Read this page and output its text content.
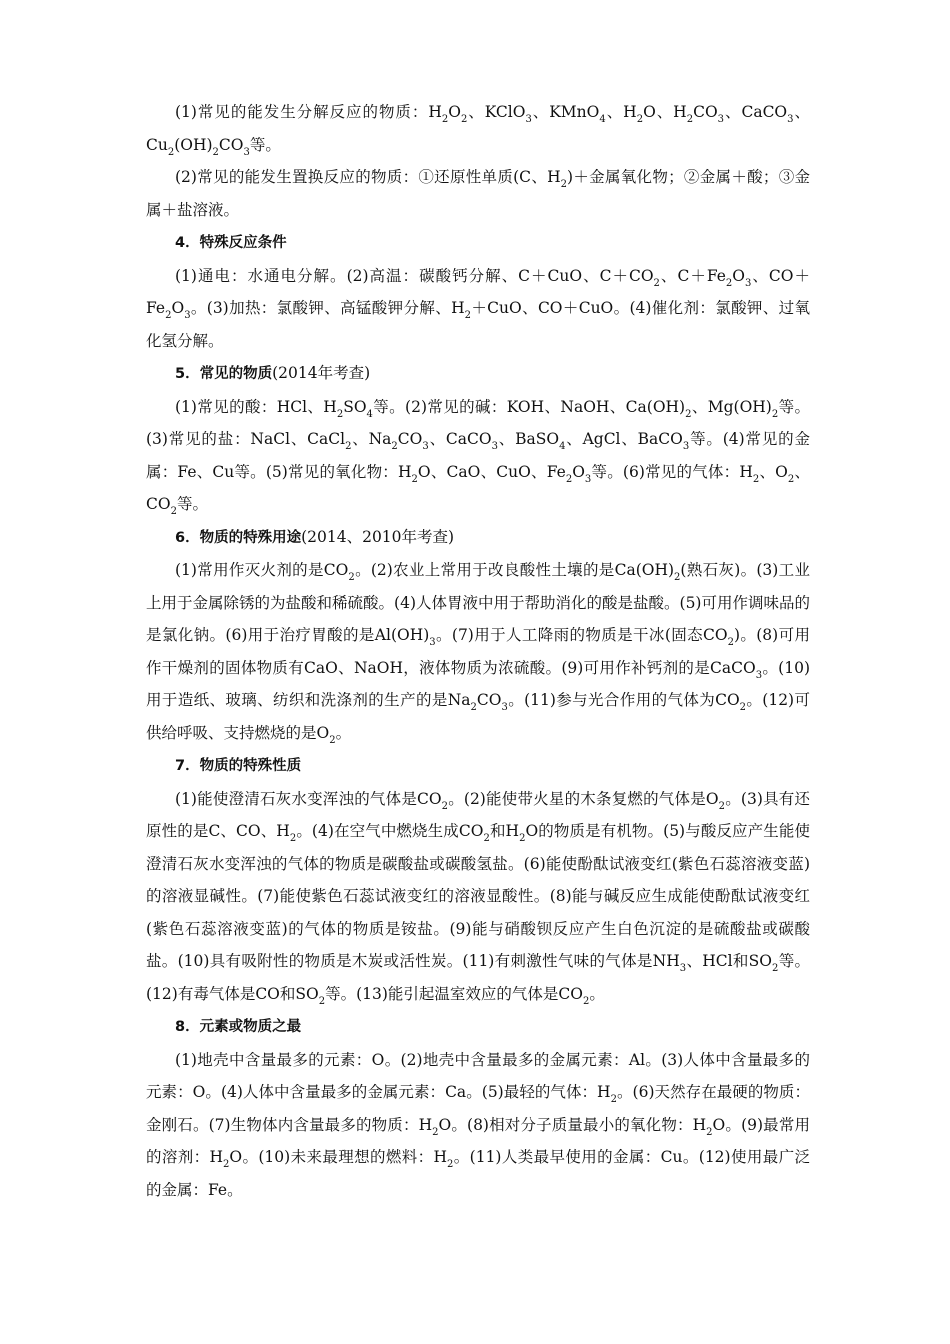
(1)常见的能发生分解反应的物质：$H_2O_2$、KClO$_3$、KMnO$_4$、$H_2O$、$H_2CO_3$、CaCO$_3$、$Cu_2(OH)_2CO_3$等。

(2)常见的能发生置换反应的物质：①还原性单质(C、$H_2)+$金属氧化物；②金属＋酸；③金属＋盐溶液。

4．特殊反应条件

(1)通电：水通电分解。(2)高温：碳酸钙分解、C＋CuO、$C+CO_2$、$C+Fe_2O_3$、$CO+Fe_2O_3$。(3)加热：氯酸钾、高锰酸钾分解、$H_2+CuO$、CO＋CuO。(4)催化剂：氯酸钾、过氧化氢分解。

5．常见的物质(2014年考查)

(1)常见的酸：HCl、$H_2SO_4$等。(2)常见的碱：KOH、NaOH、$Ca(OH)_2$、$Mg(OH)_2$等。(3)常见的盐：NaCl、CaCl$_2$、$Na_2CO_3$、CaCO$_3$、BaSO$_4$、AgCl、BaCO$_3$等。(4)常见的金属：Fe、Cu等。(5)常见的氧化物：$H_2O$、CaO、CuO、$Fe_2O_3$等。(6)常见的气体：$H_2$、$O_2$、$CO_2$等。

6．物质的特殊用途(2014、2010年考查)

(1)常用作灭火剂的是$CO_2$。(2)农业上常用于改良酸性土壤的是$Ca(OH)_2$(熟石灰)。(3)工业上用于金属除锈的为盐酸和稀硫酸。(4)人体胃液中用于帮助消化的酸是盐酸。(5)可用作调味品的是氯化钠。(6)用于治疗胃酸的是$Al(OH)_3$。(7)用于人工降雨的物质是干冰(固态$CO_2$)。(8)可用作干燥剂的固体物质有CaO、NaOH，液体物质为浓硫酸。(9)可用作补钙剂的是CaCO$_3$。(10)用于造纸、玻璃、纺织和洗涤剂的生产的是$Na_2CO_3$。(11)参与光合作用的气体为$CO_2$。(12)可供给呼吸、支持燃烧的是$O_2$。

7．物质的特殊性质

(1)能使澄清石灰水变浑浊的气体是$CO_2$。(2)能使带火星的木条复燃的气体是$O_2$。(3)具有还原性的是C、CO、$H_2$。(4)在空气中燃烧生成$CO_2$和$H_2O$的物质是有机物。(5)与酸反应产生能使澄清石灰水变浑浊的气体的物质是碳酸盐或碳酸氢盐。(6)能使酚酞试液变红(紫色石蕊溶液变蓝)的溶液显碱性。(7)能使紫色石蕊试液变红的溶液显酸性。(8)能与碱反应生成能使酚酞试液变红(紫色石蕊溶液变蓝)的气体的物质是铵盐。(9)能与硝酸钡反应产生白色沉淀的是硫酸盐或碳酸盐。(10)具有吸附性的物质是木炭或活性炭。(11)有刺激性气味的气体是$NH_3$、HCl和$SO_2$等。(12)有毒气体是CO和$SO_2$等。(13)能引起温室效应的气体是$CO_2$。

8．元素或物质之最

(1)地壳中含量最多的元素：O。(2)地壳中含量最多的金属元素：Al。(3)人体中含量最多的元素：O。(4)人体中含量最多的金属元素：Ca。(5)最轻的气体：$H_2$。(6)天然存在最硬的物质：金刚石。(7)生物体内含量最多的物质：$H_2O$。(8)相对分子质量最小的氧化物：$H_2O$。(9)最常用的溶剂：$H_2O$。(10)未来最理想的燃料：$H_2$。(11)人类最早使用的金属：Cu。(12)使用最广泛的金属：Fe。
